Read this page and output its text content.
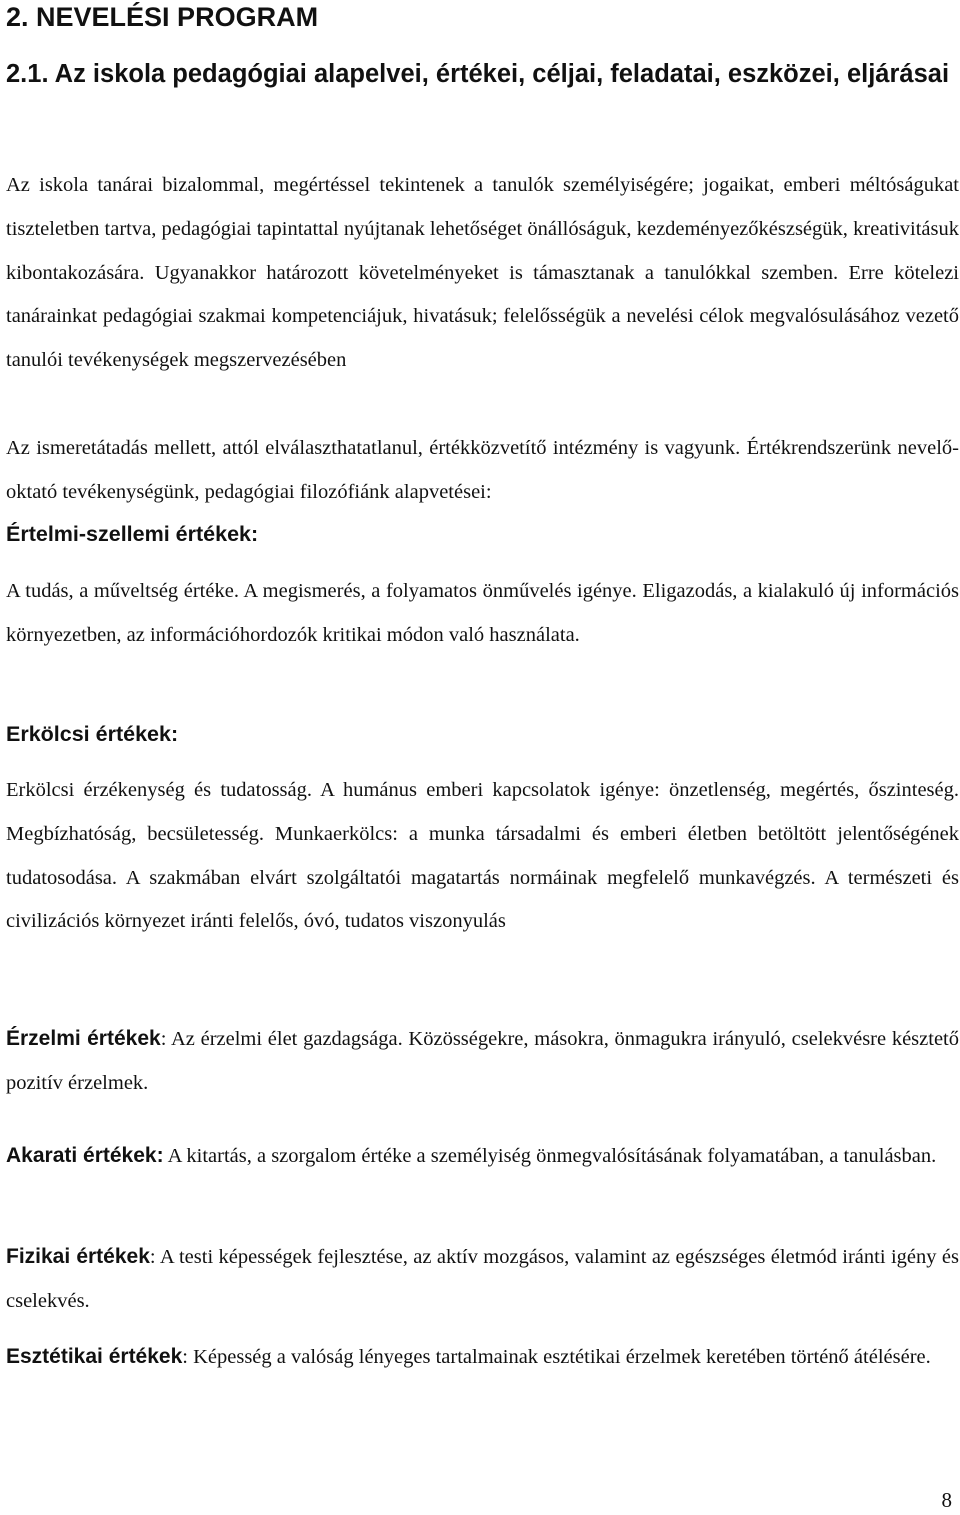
2. NEVELÉSI PROGRAM
2.1. Az iskola pedagógiai alapelvei, értékei, céljai, feladatai, eszközei, eljárásai
Az iskola tanárai bizalommal, megértéssel tekintenek a tanulók személyiségére; jogaikat, emberi méltóságukat tiszteletben tartva, pedagógiai tapintattal nyújtanak lehetőséget önállóságuk, kezdeményezőkészségük, kreativitásuk kibontakozására. Ugyanakkor határozott követelményeket is támasztanak a tanulókkal szemben. Erre kötelezi tanárainkat pedagógiai szakmai kompetenciájuk, hivatásuk; felelősségük a nevelési célok megvalósulásához vezető tanulói tevékenységek megszervezésében
Az ismeretátadás mellett, attól elválaszthatatlanul, értékközvetítő intézmény is vagyunk. Értékrendszerünk nevelő-oktató tevékenységünk, pedagógiai filozófiánk alapvetései:
Értelmi-szellemi értékek:
A tudás, a műveltség értéke. A megismerés, a folyamatos önművelés igénye. Eligazodás, a kialakuló új információs környezetben, az információhordozók kritikai módon való használata.
Erkölcsi értékek:
Erkölcsi érzékenység és tudatosság. A humánus emberi kapcsolatok igénye: önzetlenség, megértés, őszinteség. Megbízhatóság, becsületesség. Munkaerkölcs: a munka társadalmi és emberi életben betöltött jelentőségének tudatosodása. A szakmában elvárt szolgáltatói magatartás normáinak megfelelő munkavégzés. A természeti és civilizációs környezet iránti felelős, óvó, tudatos viszonyulás
Érzelmi értékek: Az érzelmi élet gazdagsága. Közösségekre, másokra, önmagukra irányuló, cselekvésre késztető pozitív érzelmek.
Akarati értékek: A kitartás, a szorgalom értéke a személyiség önmegvalósításának folyamatában, a tanulásban.
Fizikai értékek: A testi képességek fejlesztése, az aktív mozgásos, valamint az egészséges életmód iránti igény és cselekvés.
Esztétikai értékek: Képesség a valóság lényeges tartalmainak esztétikai érzelmek keretében történő átélésére.
8
